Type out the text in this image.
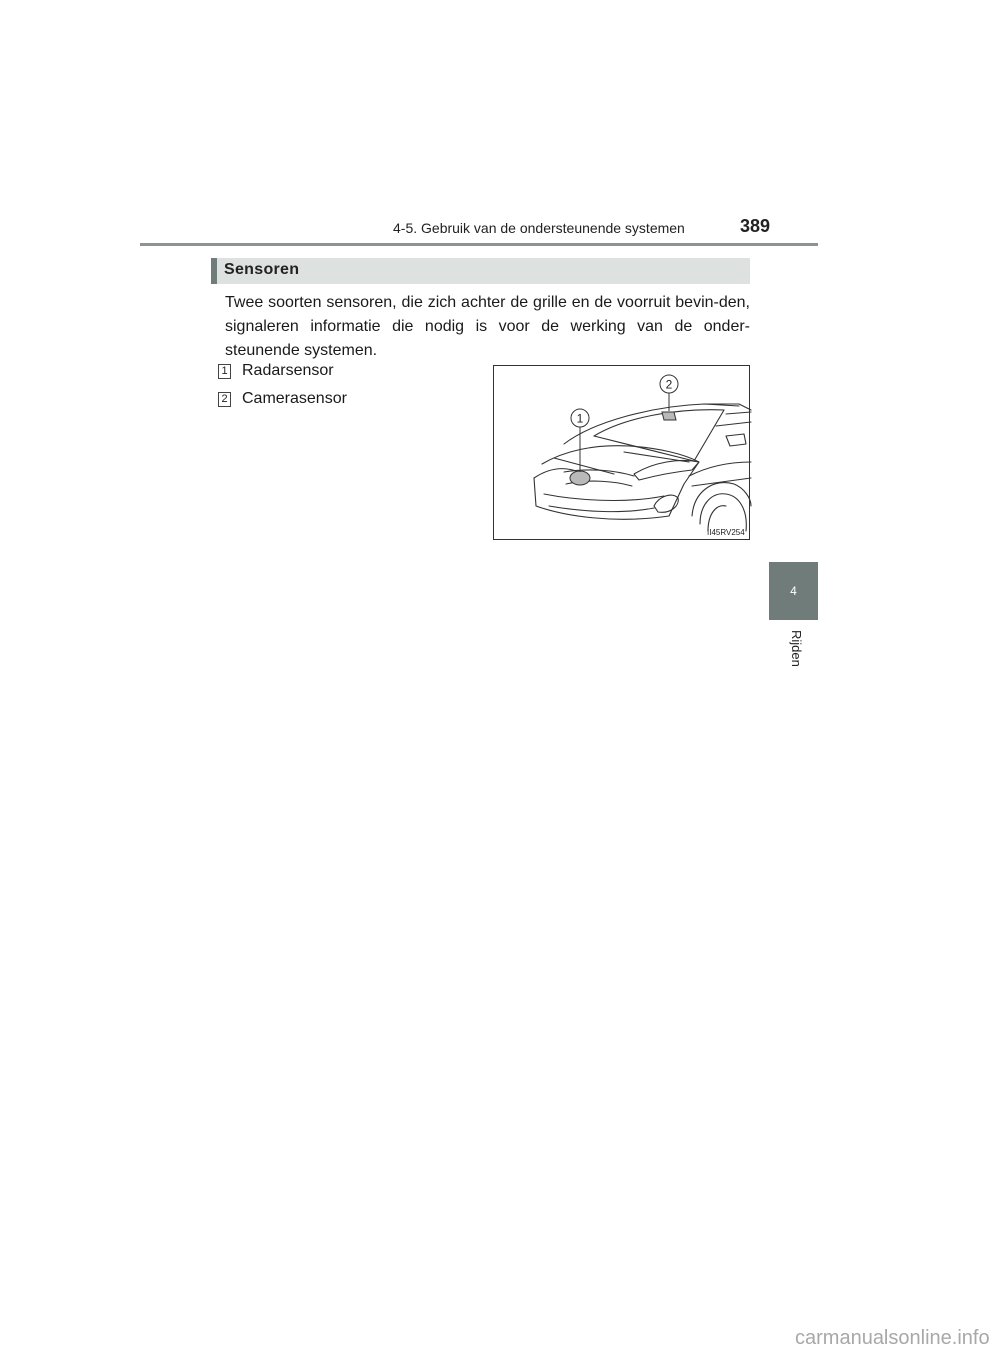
4-5. Gebruik van de ondersteunende systemen	389
4
Rijden
Sensoren
Twee soorten sensoren, die zich achter de grille en de voorruit bevin-den, signaleren informatie die nodig is voor de werking van de onder-steunende systemen.
1 Radarsensor
2 Camerasensor
1
2
II45RV254
carmanualsonline.info
